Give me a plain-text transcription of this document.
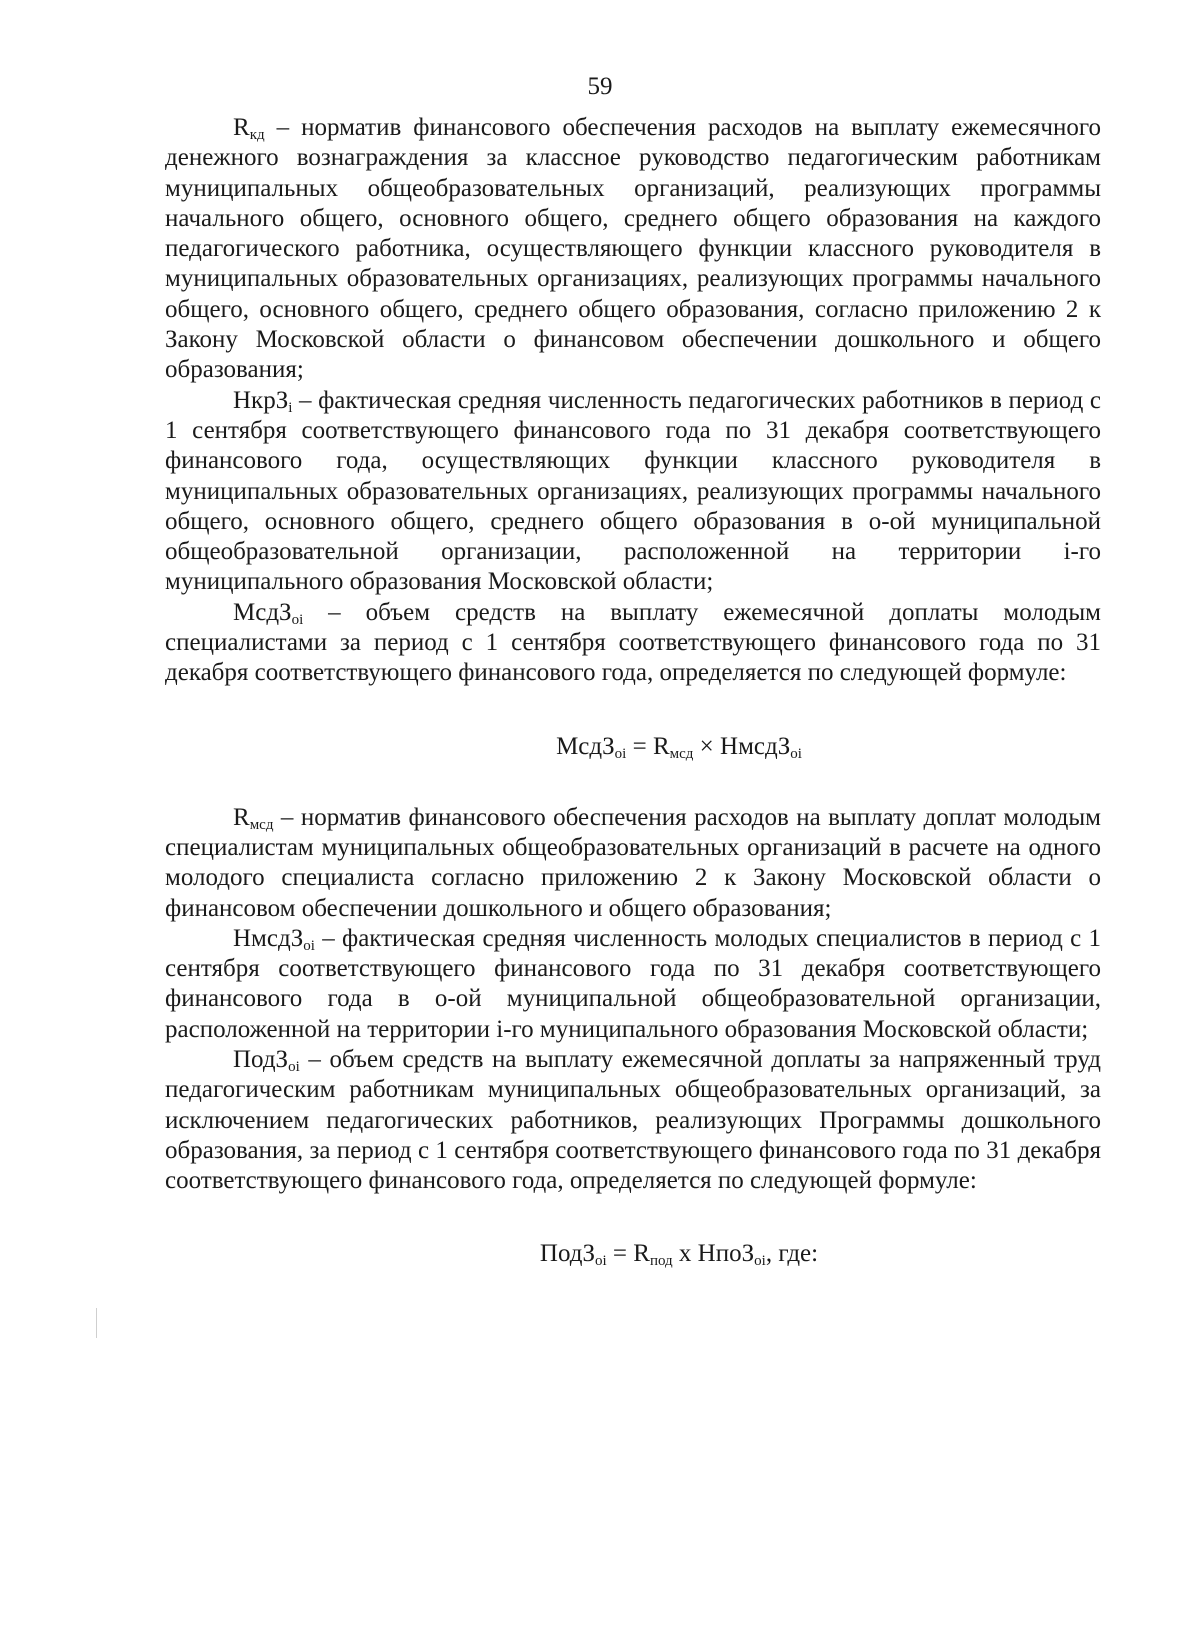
59

$R_{кд}$ – норматив финансового обеспечения расходов на выплату ежемесячного денежного вознаграждения за классное руководство педагогическим работникам муниципальных общеобразовательных организаций, реализующих программы начального общего, основного общего, среднего общего образования на каждого педагогического работника, осуществляющего функции классного руководителя в муниципальных образовательных организациях, реализующих программы начального общего, основного общего, среднего общего образования, согласно приложению 2 к Закону Московской области о финансовом обеспечении дошкольного и общего образования;

НкрЗ$_i$ – фактическая средняя численность педагогических работников в период с 1 сентября соответствующего финансового года по 31 декабря соответствующего финансового года, осуществляющих функции классного руководителя в муниципальных образовательных организациях, реализующих программы начального общего, основного общего, среднего общего образования в о-ой муниципальной общеобразовательной организации, расположенной на территории i-го муниципального образования Московской области;

МсдЗ$_{oi}$ – объем средств на выплату ежемесячной доплаты молодым специалистами за период с 1 сентября соответствующего финансового года по 31 декабря соответствующего финансового года, определяется по следующей формуле:

МсдЗ$_{oi}$ = $R_{мсд}$ × НмсдЗ$_{oi}$

$R_{мсд}$ – норматив финансового обеспечения расходов на выплату доплат молодым специалистам муниципальных общеобразовательных организаций в расчете на одного молодого специалиста согласно приложению 2 к Закону Московской области о финансовом обеспечении дошкольного и общего образования;

НмсдЗ$_{oi}$ – фактическая средняя численность молодых специалистов в период с 1 сентября соответствующего финансового года по 31 декабря соответствующего финансового года в о-ой муниципальной общеобразовательной организации, расположенной на территории i-го муниципального образования Московской области;

ПодЗ$_{oi}$ – объем средств на выплату ежемесячной доплаты за напряженный труд педагогическим работникам муниципальных общеобразовательных организаций, за исключением педагогических работников, реализующих Программы дошкольного образования, за период с 1 сентября соответствующего финансового года по 31 декабря соответствующего финансового года, определяется по следующей формуле:

ПодЗ$_{oi}$ = $R_{под}$ х НпоЗ$_{oi}$, где:
